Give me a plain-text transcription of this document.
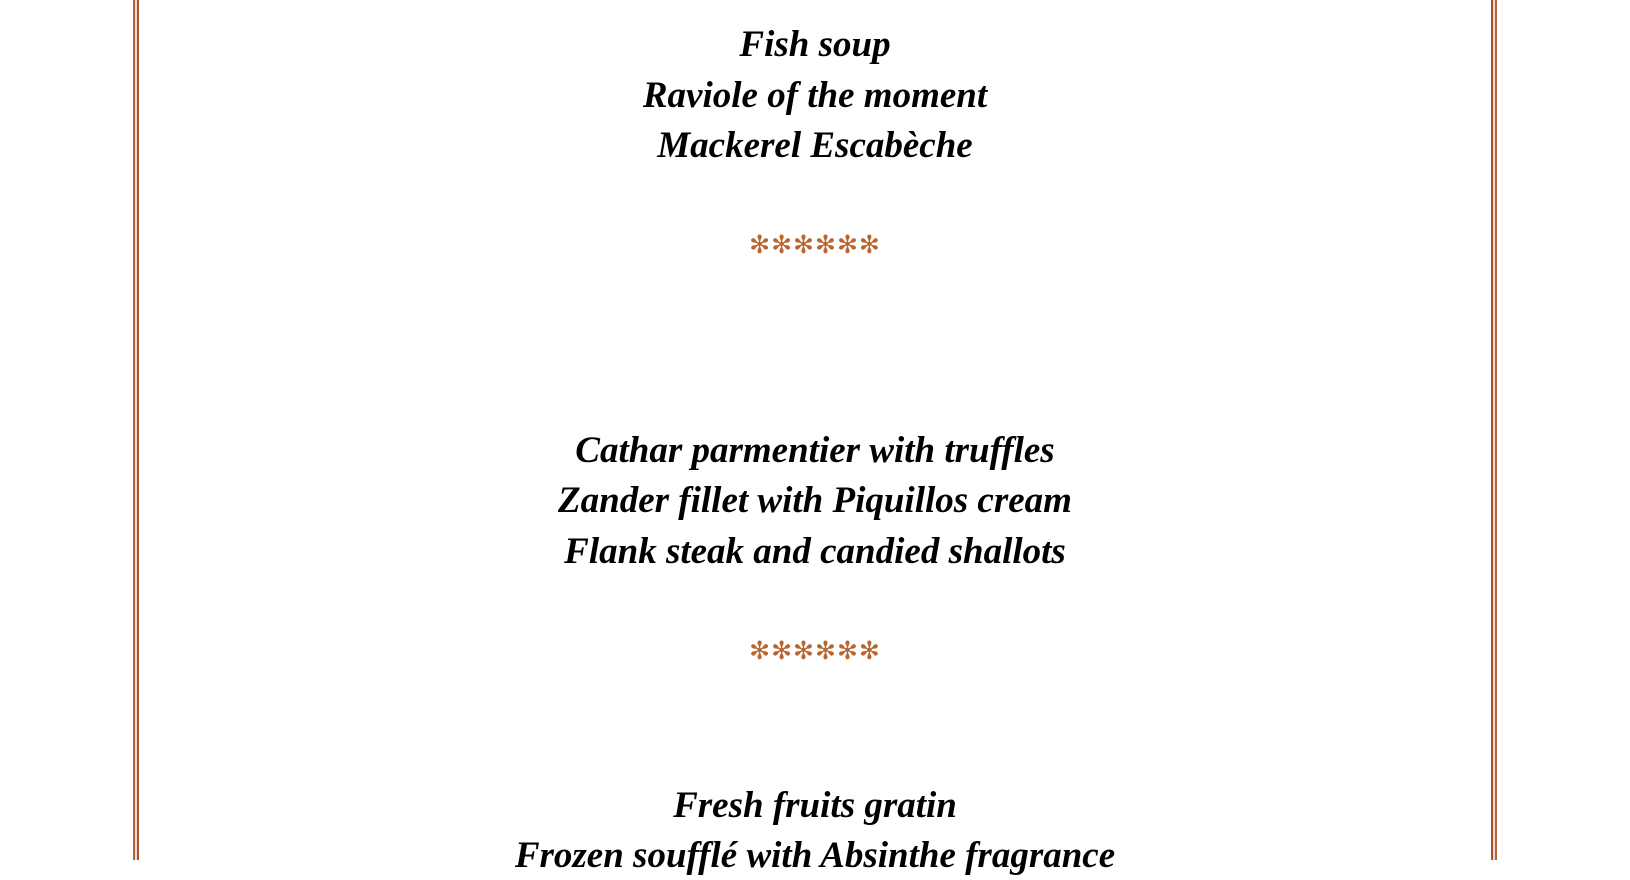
Fish soup
Raviole of the moment
Mackerel Escabèche
✻✻✻✻✻✻
Cathar parmentier with truffles
Zander fillet with Piquillos cream
Flank steak and candied shallots
✻✻✻✻✻✻
Fresh fruits gratin
Frozen soufflé with Absinthe fragrance
